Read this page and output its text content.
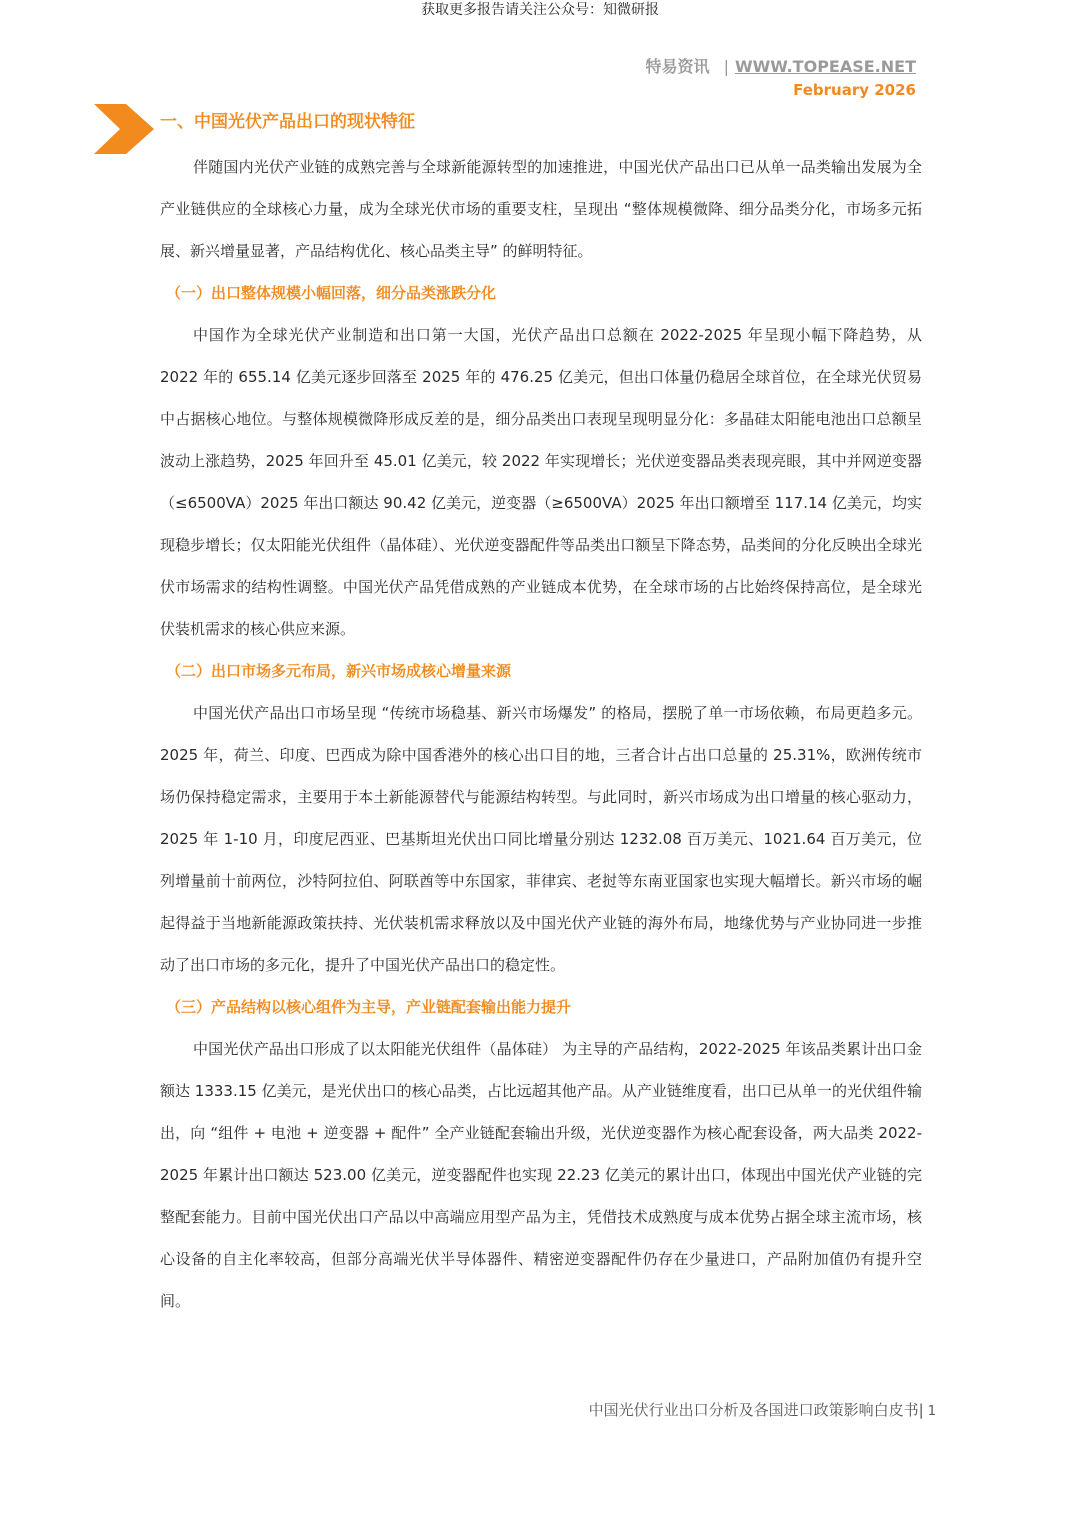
获取更多报告请关注公众号：知微研报
特易资讯 | WWW.TOPEASE.NET
February 2026
一、中国光伏产品出口的现状特征

伴随国内光伏产业链的成熟完善与全球新能源转型的加速推进，中国光伏产品出口已从单一品类输出发展为全产业链供应的全球核心力量，成为全球光伏市场的重要支柱，呈现出 “整体规模微降、细分品类分化，市场多元拓展、新兴增量显著，产品结构优化、核心品类主导” 的鲜明特征。

（一）出口整体规模小幅回落，细分品类涨跌分化

中国作为全球光伏产业制造和出口第一大国，光伏产品出口总额在 2022-2025 年呈现小幅下降趋势，从 2022 年的 655.14 亿美元逐步回落至 2025 年的 476.25 亿美元，但出口体量仍稳居全球首位，在全球光伏贸易中占据核心地位。与整体规模微降形成反差的是，细分品类出口表现呈现明显分化：多晶硅太阳能电池出口总额呈波动上涨趋势，2025 年回升至 45.01 亿美元，较 2022 年实现增长；光伏逆变器品类表现亮眼，其中并网逆变器（≤6500VA）2025 年出口额达 90.42 亿美元，逆变器（≥6500VA）2025 年出口额增至 117.14 亿美元，均实现稳步增长；仅太阳能光伏组件（晶体硅）、光伏逆变器配件等品类出口额呈下降态势，品类间的分化反映出全球光伏市场需求的结构性调整。中国光伏产品凭借成熟的产业链成本优势，在全球市场的占比始终保持高位，是全球光伏装机需求的核心供应来源。

（二）出口市场多元布局，新兴市场成核心增量来源

中国光伏产品出口市场呈现 “传统市场稳基、新兴市场爆发” 的格局，摆脱了单一市场依赖，布局更趋多元。2025 年，荷兰、印度、巴西成为除中国香港外的核心出口目的地，三者合计占出口总量的 25.31%，欧洲传统市场仍保持稳定需求，主要用于本土新能源替代与能源结构转型。与此同时，新兴市场成为出口增量的核心驱动力，2025 年 1-10 月，印度尼西亚、巴基斯坦光伏出口同比增量分别达 1232.08 百万美元、1021.64 百万美元，位列增量前十前两位，沙特阿拉伯、阿联酋等中东国家，菲律宾、老挝等东南亚国家也实现大幅增长。新兴市场的崛起得益于当地新能源政策扶持、光伏装机需求释放以及中国光伏产业链的海外布局，地缘优势与产业协同进一步推动了出口市场的多元化，提升了中国光伏产品出口的稳定性。

（三）产品结构以核心组件为主导，产业链配套输出能力提升

中国光伏产品出口形成了以太阳能光伏组件（晶体硅） 为主导的产品结构，2022-2025 年该品类累计出口金额达 1333.15 亿美元，是光伏出口的核心品类，占比远超其他产品。从产业链维度看，出口已从单一的光伏组件输出，向 “组件 + 电池 + 逆变器 + 配件” 全产业链配套输出升级，光伏逆变器作为核心配套设备，两大品类 2022-2025 年累计出口额达 523.00 亿美元，逆变器配件也实现 22.23 亿美元的累计出口，体现出中国光伏产业链的完整配套能力。目前中国光伏出口产品以中高端应用型产品为主，凭借技术成熟度与成本优势占据全球主流市场，核心设备的自主化率较高，但部分高端光伏半导体器件、精密逆变器配件仍存在少量进口，产品附加值仍有提升空间。

中国光伏行业出口分析及各国进口政策影响白皮书| 1
